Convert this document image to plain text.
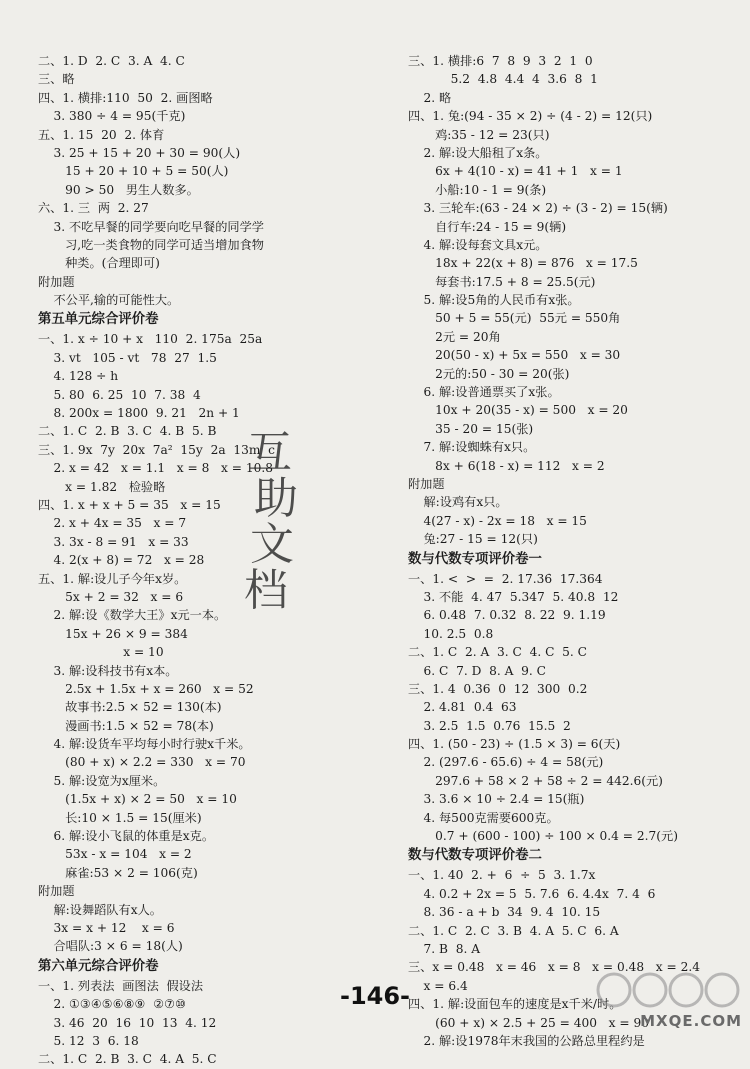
二、1. D  2. C  3. A  4. C
三、略
四、1. 横排:110  50  2. 画图略
3. 380 ÷ 4 = 95(千克)
五、1. 15  20  2. 体育
3. 25 + 15 + 20 + 30 = 90(人)
15 + 20 + 10 + 5 = 50(人)
90 > 50   男生人数多。
六、1. 三  两  2. 27
3. 不吃早餐的同学要向吃早餐的同学学
习,吃一类食物的同学可适当增加食物
种类。(合理即可)
附加题
不公平,输的可能性大。
第五单元综合评价卷
一、1. x ÷ 10 + x   110  2. 175a  25a
3. vt   105 - vt   78  27  1.5
4. 128 ÷ h
5. 80  6. 25  10  7. 38  4
8. 200x = 1800  9. 21   2n + 1
二、1. C  2. B  3. C  4. B  5. B
三、1. 9x  7y  20x  7a²  15y  2a  13m  c
2. x = 42   x = 1.1   x = 8   x = 10.8
x = 1.82   检验略
四、1. x + x + 5 = 35   x = 15
2. x + 4x = 35   x = 7
3. 3x - 8 = 91   x = 33
4. 2(x + 8) = 72   x = 28
五、1. 解:设儿子今年x岁。
5x + 2 = 32   x = 6
2. 解:设《数学大王》x元一本。
15x + 26 × 9 = 384
x = 10
3. 解:设科技书有x本。
2.5x + 1.5x + x = 260   x = 52
故事书:2.5 × 52 = 130(本)
漫画书:1.5 × 52 = 78(本)
4. 解:设货车平均每小时行驶x千米。
(80 + x) × 2.2 = 330   x = 70
5. 解:设宽为x厘米。
(1.5x + x) × 2 = 50   x = 10
长:10 × 1.5 = 15(厘米)
6. 解:设小飞鼠的体重是x克。
53x - x = 104   x = 2
麻雀:53 × 2 = 106(克)
附加题
解:设舞蹈队有x人。
3x = x + 12    x = 6
合唱队:3 × 6 = 18(人)
第六单元综合评价卷
一、1. 列表法  画图法  假设法
2. ①③④⑤⑥⑧⑨  ②⑦⑩
3. 46  20  16  10  13  4. 12
5. 12  3  6. 18
二、1. C  2. B  3. C  4. A  5. C
三、1. 横排:6  7  8  9  3  2  1  0
5.2  4.8  4.4  4  3.6  8  1
2. 略
四、1. 兔:(94 - 35 × 2) ÷ (4 - 2) = 12(只)
鸡:35 - 12 = 23(只)
2. 解:设大船租了x条。
6x + 4(10 - x) = 41 + 1   x = 1
小船:10 - 1 = 9(条)
3. 三轮车:(63 - 24 × 2) ÷ (3 - 2) = 15(辆)
自行车:24 - 15 = 9(辆)
4. 解:设每套文具x元。
18x + 22(x + 8) = 876   x = 17.5
每套书:17.5 + 8 = 25.5(元)
5. 解:设5角的人民币有x张。
50 + 5 = 55(元)  55元 = 550角
2元 = 20角
20(50 - x) + 5x = 550   x = 30
2元的:50 - 30 = 20(张)
6. 解:设普通票买了x张。
10x + 20(35 - x) = 500   x = 20
35 - 20 = 15(张)
7. 解:设蜘蛛有x只。
8x + 6(18 - x) = 112   x = 2
附加题
解:设鸡有x只。
4(27 - x) - 2x = 18   x = 15
兔:27 - 15 = 12(只)
数与代数专项评价卷一
一、1. <  >  =  2. 17.36̇  17.364
3. 不能  4. 47  5.347  5. 40.8  12
6. 0.48  7. 0.32  8. 22  9. 1.19
10. 2.5  0.8
二、1. C  2. A  3. C  4. C  5. C
6. C  7. D  8. A  9. C
三、1. 4  0.36  0  12  300  0.2
2. 4.81  0.4  63
3. 2.5  1.5  0.76  15.5  2
四、1. (50 - 23) ÷ (1.5 × 3) = 6(天)
2. (297.6 - 65.6) ÷ 4 = 58(元)
297.6 + 58 × 2 + 58 ÷ 2 = 442.6(元)
3. 3.6 × 10 ÷ 2.4 = 15(瓶)
4. 每500克需要600克。
0.7 + (600 - 100) ÷ 100 × 0.4 = 2.7(元)
数与代数专项评价卷二
一、1. 40  2. +  6  ÷  5  3. 1.7x
4. 0.2 + 2x = 5  5. 7.6  6. 4.4x  7. 4  6
8. 36 - a + b  34  9. 4  10. 15
二、1. C  2. C  3. B  4. A  5. C  6. A
7. B  8. A
三、x = 0.48   x = 46   x = 8   x = 0.48   x = 2.4
x = 6.4
四、1. 解:设面包车的速度是x千米/时。
(60 + x) × 2.5 + 25 = 400   x = 90
2. 解:设1978年末我国的公路总里程约是
互
助
文
档
-146-
MXQE.COM
